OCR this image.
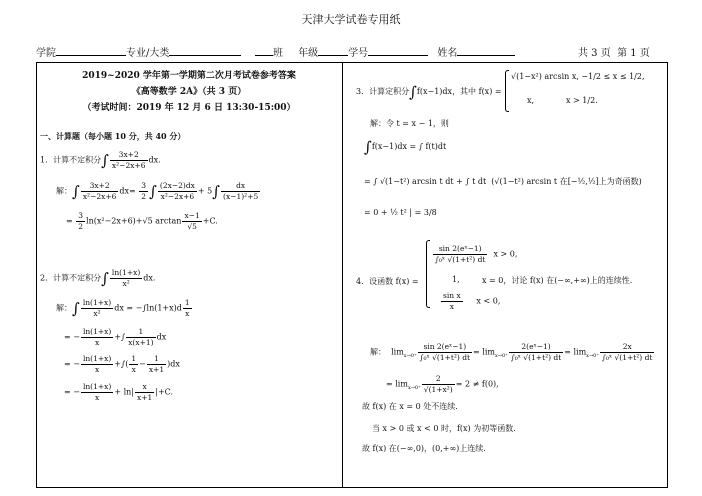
天津大学试卷专用纸
学院	专业/大类	班 年级	学号	姓名	共 3 页 第 1 页
2019~2020 学年第一学期第二次月考试卷参考答案
《高等数学 2A》（共 3 页）
（考试时间：2019 年 12 月 6 日 13:30-15:00）
一、计算题（每小题 10 分，共 40 分）
1．计算不定积分∫ $\frac{3x+2}{\text{x²−2x+6}}$ dx.
解：∫ $\frac{3x+2}{\text{x²−2x+6}} dx= \frac{3}{2}$ ∫ $\frac{(2x-2)dx}{\text{x²−2x+6}} + 5\int \frac{dx}{\text{(x−1)²+5}}$
= $\frac{3}{2} \ln(x^2-2x+6)+√5$ $\arctan \frac{x-1}{√5} +C$.
2．计算不定积分∫ $\frac{\ln(1+x)}{\text{x²}}$ dx.
解：∫ $\frac{\ln(1+x)}{\text{x²}}$ dx = $-\int\ln(1+x)d \frac{1}{x}$
= − $\frac{\ln(1+x)}{x}$ +∫ $\frac{1}{x(x+1)}$ dx
= − $\frac{\ln(1+x)}{x}$ +∫( $\frac{1}{x} - \frac{1}{x+1} )dx$
= − $\frac{\ln(1+x)}{x} + \ln| \frac{x}{x+1} |+C$.
3．计算定积分∫f(x−1)dx，其中 f(x) =
√(1−x²) arcsin x, −1/2 ≤ x ≤ 1/2,
x,	x > 1/2.
解：令 t = x − 1，则
∫f(x−1)dx = ∫ f(t)dt
= ∫ √(1−t²) arcsin t dt + ∫ t dt (√(1−t²) arcsin t 在[−½,½]上为奇函数)
= 0 + ½ t² | = 3/8
4．设函数 f(x) =
$\frac{\text{sin 2(eˣ−1)}}{\text{∫₀ˣ √(1+t²) dt}}$ x > 0,
1,	x = 0，讨论 f(x) 在(−∞,+∞)上的连续性.
$\frac{\text{sin x}}{x}$ x < 0,
解： $\lim_{x\to 0^+} \frac{\text{sin 2(eˣ−1)}}{\text{∫₀ˣ √(1+t²) dt}} = \lim_{x\to 0^+} \frac{\text{2(eˣ−1)}}{\text{∫₀ˣ √(1+t²) dt}} = \lim_{x\to 0^+} \frac{2x}{\text{∫₀ˣ √(1+t²) dt}}$
= $\lim_{x\to 0^+} \frac{2}{\text{√(1+x²)}} = 2 \ne f(0)$,
故 f(x) 在 x = 0 处不连续.
当 x > 0 或 x < 0 时，f(x) 为初等函数.
故 f(x) 在(−∞,0)，(0,+∞)上连续.
